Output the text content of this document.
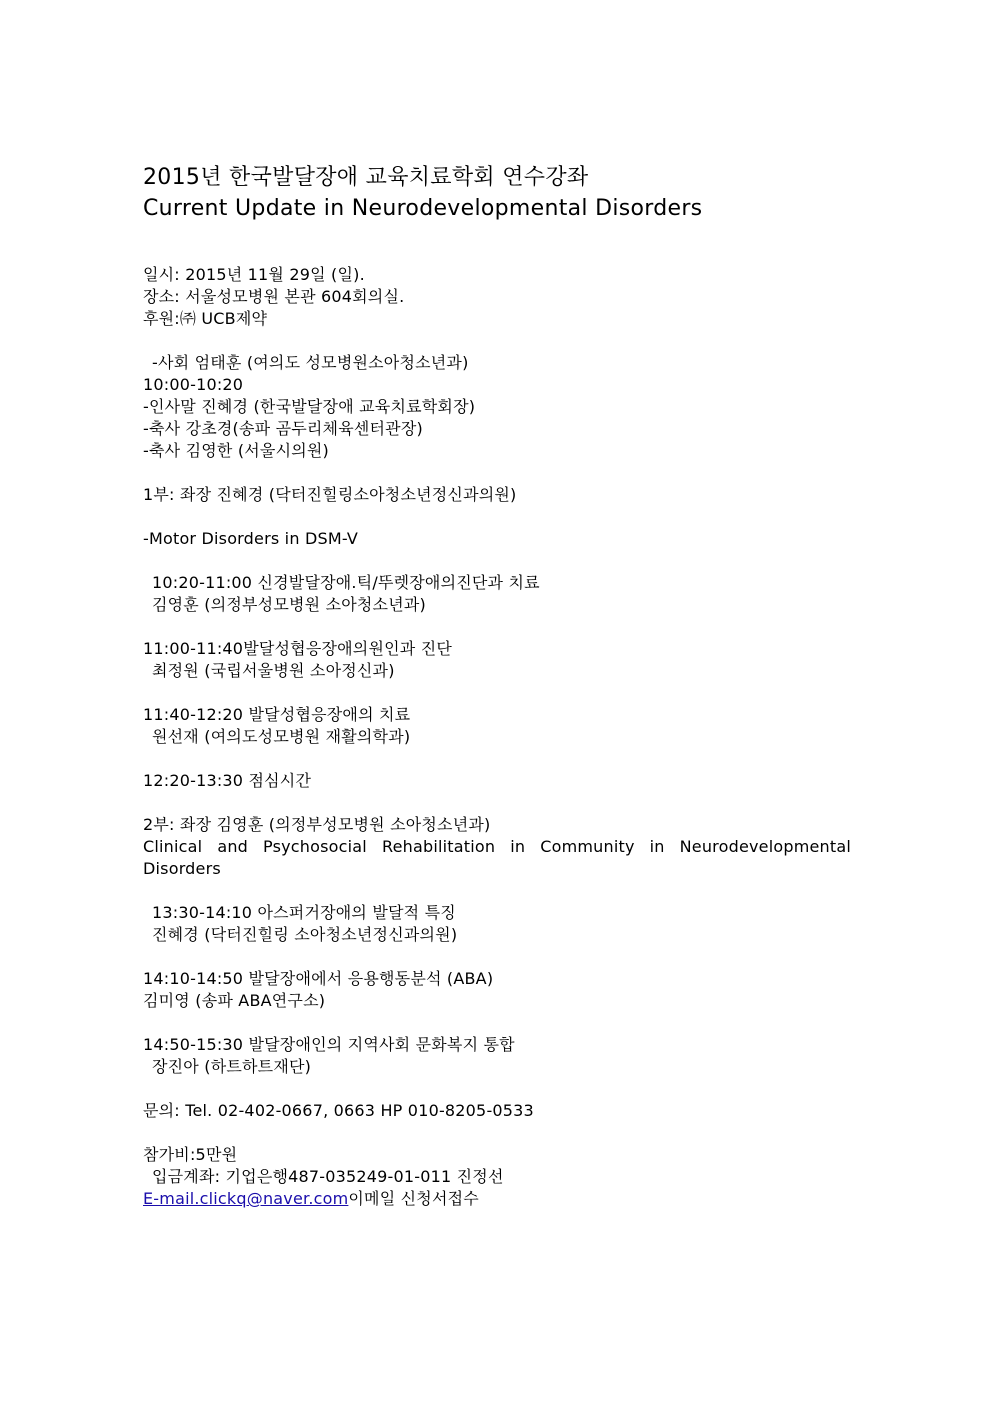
2015년 한국발달장애 교육치료학회 연수강좌
Current Update in Neurodevelopmental Disorders
일시: 2015년 11월 29일 (일).
장소: 서울성모병원 본관 604회의실.
후원:㈜ UCB제약
-사회 엄태훈 (여의도 성모병원소아청소년과)
10:00-10:20
-인사말 진혜경 (한국발달장애 교육치료학회장)
-축사 강초경(송파 곰두리체육센터관장)
-축사 김영한 (서울시의원)
1부: 좌장 진혜경 (닥터진힐링소아청소년정신과의원)
-Motor Disorders in DSM-V
10:20-11:00 신경발달장애.틱/뚜렛장애의진단과 치료
김영훈 (의정부성모병원 소아청소년과)
11:00-11:40발달성협응장애의원인과 진단
최정원 (국립서울병원 소아정신과)
11:40-12:20 발달성협응장애의 치료
원선재 (여의도성모병원 재활의학과)
12:20-13:30 점심시간
2부: 좌장 김영훈 (의정부성모병원 소아청소년과)
Clinical and Psychosocial Rehabilitation in Community in Neurodevelopmental
Disorders
13:30-14:10 아스퍼거장애의 발달적 특징
진혜경 (닥터진힐링 소아청소년정신과의원)
14:10-14:50 발달장애에서 응용행동분석 (ABA)
김미영 (송파 ABA연구소)
14:50-15:30 발달장애인의 지역사회 문화복지 통합
장진아 (하트하트재단)
문의: Tel. 02-402-0667, 0663 HP 010-8205-0533
참가비:5만원
입금계좌: 기업은행487-035249-01-011 진정선
E-mail.clickq@naver.com이메일 신청서접수
